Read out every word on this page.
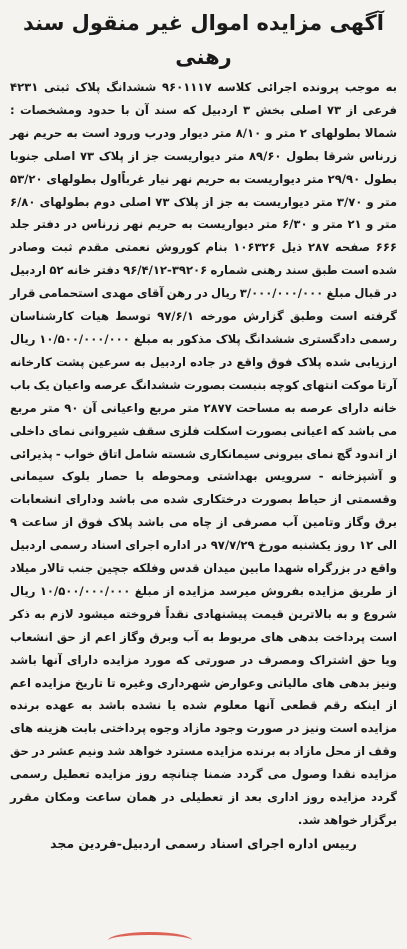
آگهی مزایده اموال غیر منقول سند رهنی

به موجب پرونده اجرائی کلاسه ۹۶۰۱۱۱۷ ششدانگ پلاک ثبتی ۴۲۳۱ فرعی از ۷۳ اصلی بخش ۳ اردبیل که سند آن با حدود ومشخصات : شمالا بطولهای ۲ متر و ۸/۱۰ متر دیوار ودرب ورود است به حریم نهر زرناس شرقا بطول ۸۹/۶۰ متر دیواریست جز از پلاک ۷۳ اصلی جنوبا بطول ۲۹/۹۰ متر دیواریست به حریم نهر نیار غرباًاول بطولهای ۵۳/۲۰ متر و ۳/۷۰ متر دیواریست به جز از پلاک ۷۳ اصلی دوم بطولهای ۶/۸۰ متر و ۲۱ متر و ۶/۳۰ متر دیواریست به حریم نهر زرناس در دفتر جلد ۶۶۶ صفحه ۲۸۷ ذیل ۱۰۶۳۲۶ بنام کوروش نعمتی مقدم ثبت وصادر شده است طبق سند رهنی شماره ۳۹۲۰۶-۹۶/۴/۱۲ دفتر خانه ۵۲ اردبیل در قبال مبلغ ۳/۰۰۰/۰۰۰/۰۰۰ ریال در رهن آقای مهدی استحمامی قرار گرفته است وطبق گزارش مورخه ۹۷/۶/۱ توسط هیات کارشناسان رسمی دادگستری ششدانگ پلاک مذکور به مبلغ ۱۰/۵۰۰/۰۰۰/۰۰۰ ریال ارزیابی شده پلاک فوق واقع در جاده اردبیل به سرعین پشت کارخانه آرتا موکت انتهای کوچه بنبست بصورت ششدانگ عرصه واعیان یک باب خانه دارای عرصه به مساحت ۲۸۷۷ متر مربع واعیانی آن ۹۰ متر مربع می باشد که اعیانی بصورت اسکلت فلزی سقف شیروانی نمای داخلی از اندود گچ نمای بیرونی سیمانکاری شسته شامل اتاق خواب - پذیرائی و آشپزخانه - سرویس بهداشتی ومحوطه با حصار بلوک سیمانی وقسمتی از حیاط بصورت درختکاری شده می باشد ودارای انشعابات برق وگاز وتامین آب مصرفی از چاه می باشد پلاک فوق از ساعت ۹ الی ۱۲ روز یکشنبه مورخ ۹۷/۷/۲۹ در اداره اجرای اسناد رسمی اردبیل واقع در بزرگراه شهدا مابین میدان قدس وفلکه جچین جنب تالار میلاد از طریق مزایده بفروش میرسد مزایده از مبلغ ۱۰/۵۰۰/۰۰۰/۰۰۰ ریال شروع و به بالاترین قیمت پیشنهادی نقداً فروخته میشود لازم به ذکر است پرداخت بدهی های مربوط به آب وبرق وگاز اعم از حق انشعاب ویا حق اشتراک ومصرف در صورتی که مورد مزایده دارای آنها باشد ونیز بدهی های مالیاتی وعوارض شهرداری وغیره تا تاریخ مزایده اعم از اینکه رقم قطعی آنها معلوم شده یا نشده باشد به عهده برنده مزایده است ونیز در صورت وجود مازاد وجوه پرداختی بابت هزینه های وقف از محل مازاد به برنده مزایده مسترد خواهد شد ونیم عشر در حق مزایده نقدا وصول می گردد ضمنا چنانچه روز مزایده تعطیل رسمی گردد مزایده روز اداری بعد از تعطیلی در همان ساعت ومکان مقرر برگزار خواهد شد.

رییس اداره اجرای اسناد رسمی اردبیل-فردین مجد
